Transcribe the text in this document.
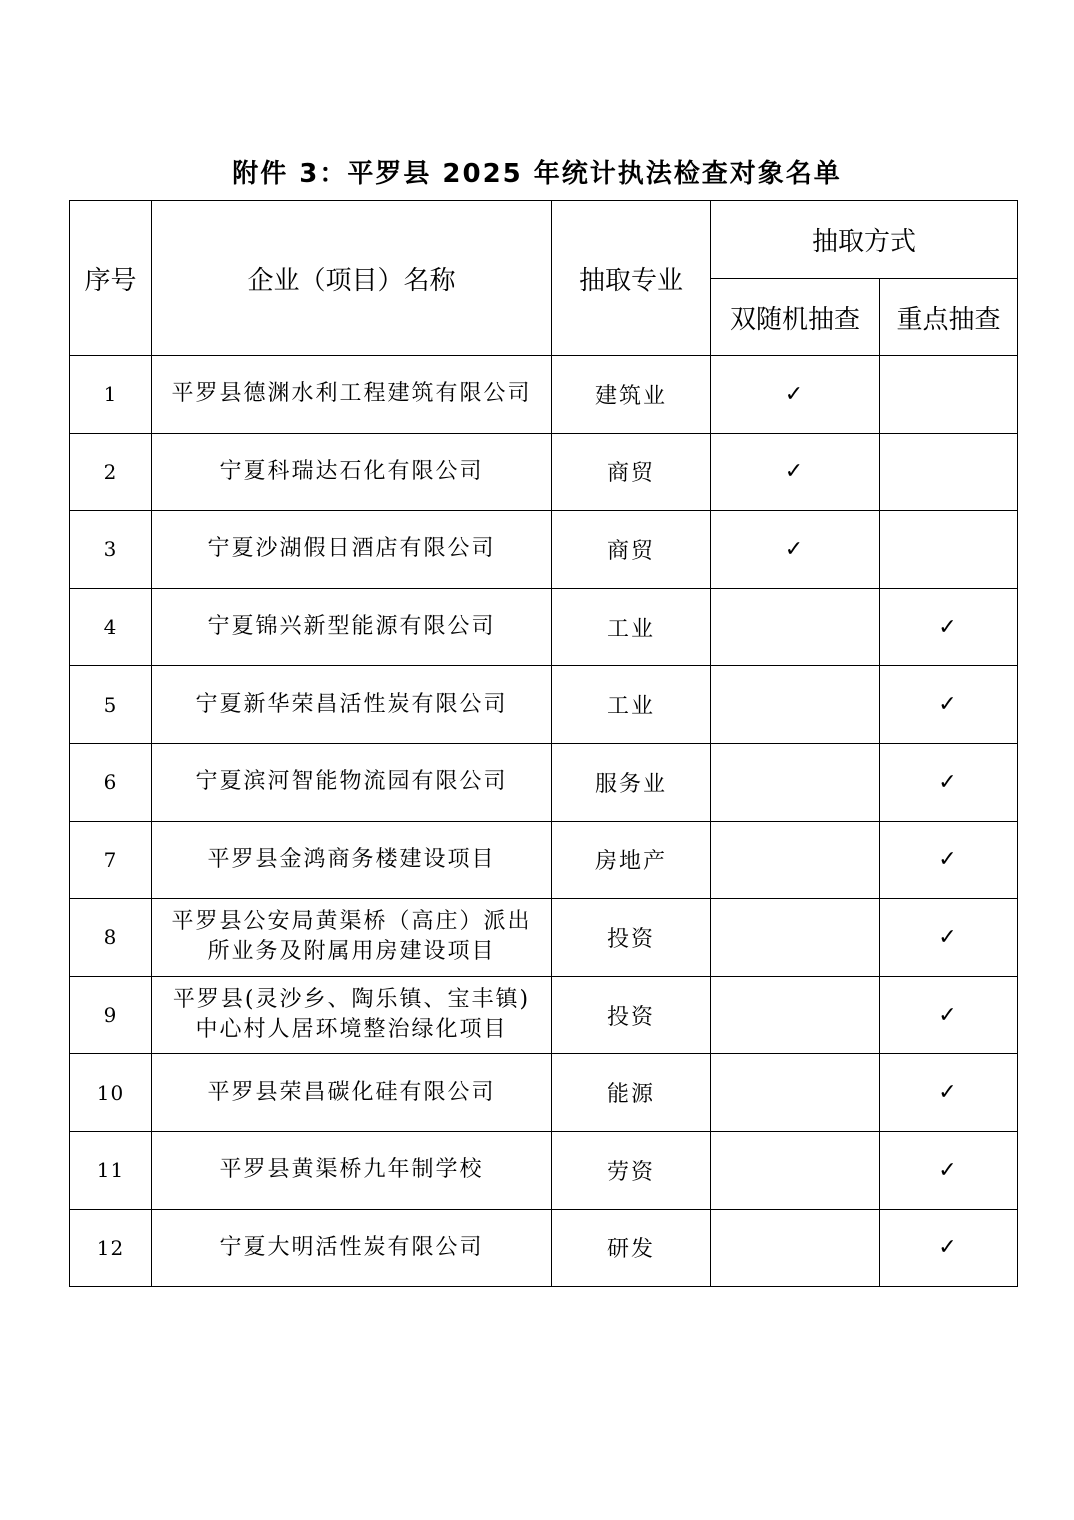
附件 3：平罗县 2025 年统计执法检查对象名单
序号	企业（项目）名称	抽取专业	抽取方式	
			双随机抽查	重点抽查
1	平罗县德渊水利工程建筑有限公司	建筑业	✓	
2	宁夏科瑞达石化有限公司	商贸	✓	
3	宁夏沙湖假日酒店有限公司	商贸	✓	
4	宁夏锦兴新型能源有限公司	工业		✓
5	宁夏新华荣昌活性炭有限公司	工业		✓
6	宁夏滨河智能物流园有限公司	服务业		✓
7	平罗县金鸿商务楼建设项目	房地产		✓
8	平罗县公安局黄渠桥（高庄）派出
所业务及附属用房建设项目	投资		✓
9	平罗县(灵沙乡、陶乐镇、宝丰镇)
中心村人居环境整治绿化项目	投资		✓
10	平罗县荣昌碳化硅有限公司	能源		✓
11	平罗县黄渠桥九年制学校	劳资		✓
12	宁夏大明活性炭有限公司	研发		✓
